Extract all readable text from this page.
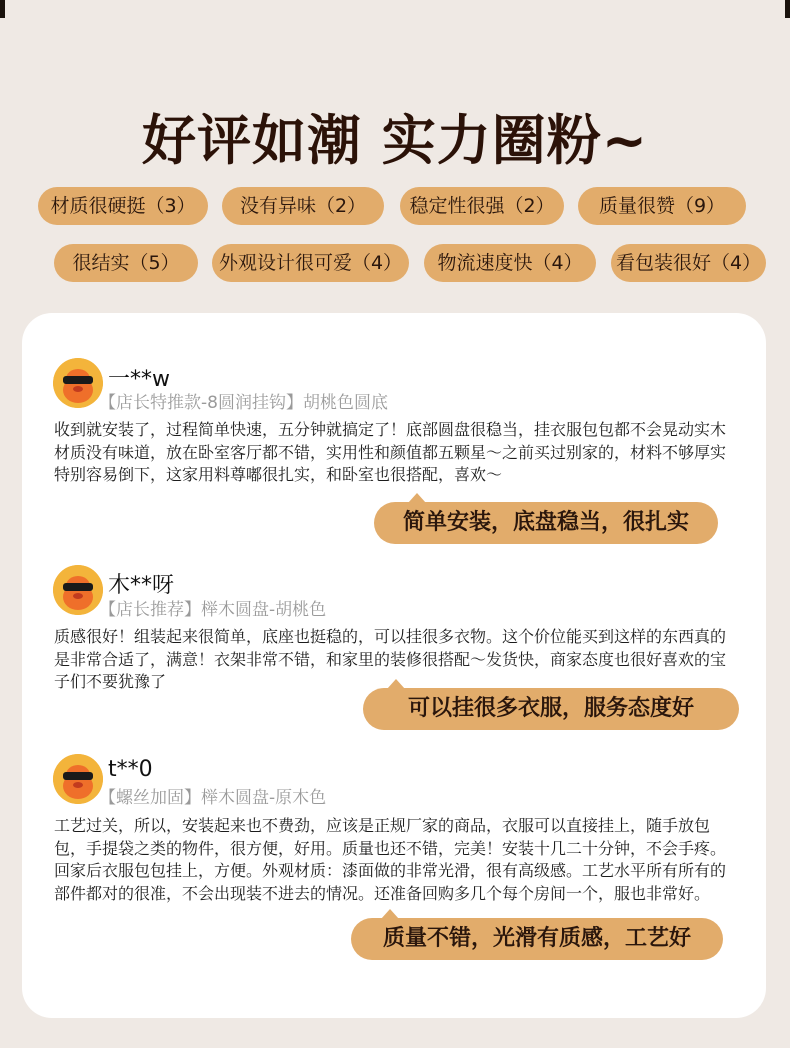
好评如潮 实力圈粉~
材质很硬挺（3）	没有异味（2）	稳定性很强（2）	质量很赞（9）
很结实（5）	外观设计很可爱（4）	物流速度快（4）	看包装很好（4）
一**w
【店长特推款-8圆润挂钩】胡桃色圆底
收到就安装了，过程简单快速，五分钟就搞定了！底部圆盘很稳当，挂衣服包包都不会晃动实木材质没有味道，放在卧室客厅都不错，实用性和颜值都五颗星～之前买过别家的，材料不够厚实特别容易倒下，这家用料尊嘟很扎实，和卧室也很搭配，喜欢～
简单安装，底盘稳当，很扎实
木**呀
【店长推荐】榉木圆盘-胡桃色
质感很好！组装起来很简单，底座也挺稳的，可以挂很多衣物。这个价位能买到这样的东西真的是非常合适了，满意！衣架非常不错，和家里的装修很搭配～发货快，商家态度也很好喜欢的宝子们不要犹豫了
可以挂很多衣服，服务态度好
t**0
【螺丝加固】榉木圆盘-原木色
工艺过关，所以，安装起来也不费劲，应该是正规厂家的商品，衣服可以直接挂上，随手放包包，手提袋之类的物件，很方便，好用。质量也还不错，完美！安装十几二十分钟，不会手疼。回家后衣服包包挂上，方便。外观材质：漆面做的非常光滑，很有高级感。工艺水平所有所有的部件都对的很准，不会出现装不进去的情况。还准备回购多几个每个房间一个，服也非常好。
质量不错，光滑有质感，工艺好
